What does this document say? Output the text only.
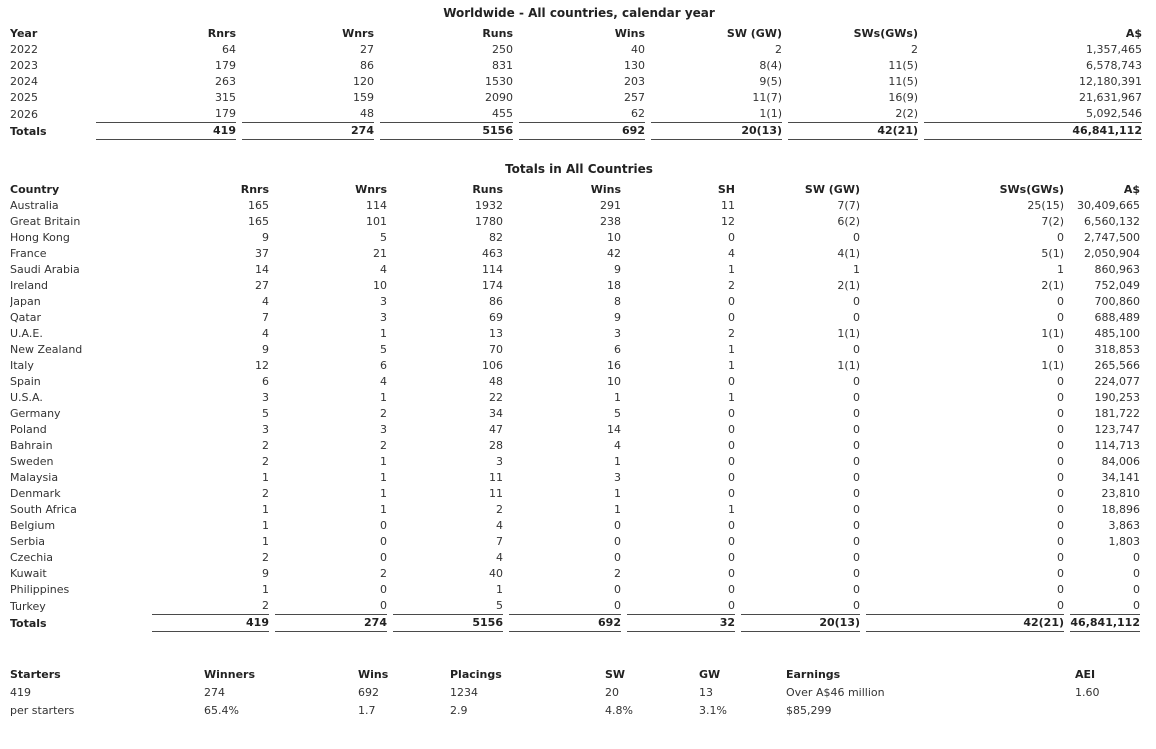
Worldwide - All countries, calendar year
Year	Rnrs	Wnrs	Runs	Wins	SW (GW)	SWs(GWs)	A$
2022	64	27	250	40	2	2	1,357,465
2023	179	86	831	130	8(4)	11(5)	6,578,743
2024	263	120	1530	203	9(5)	11(5)	12,180,391
2025	315	159	2090	257	11(7)	16(9)	21,631,967
2026	179	48	455	62	1(1)	2(2)	5,092,546
Totals	419	274	5156	692	20(13)	42(21)	46,841,112
Totals in All Countries
Country	Rnrs	Wnrs	Runs	Wins	SH	SW (GW)	SWs(GWs)	A$
Australia	165	114	1932	291	11	7(7)	25(15)	30,409,665
Great Britain	165	101	1780	238	12	6(2)	7(2)	6,560,132
Hong Kong	9	5	82	10	0	0	0	2,747,500
France	37	21	463	42	4	4(1)	5(1)	2,050,904
Saudi Arabia	14	4	114	9	1	1	1	860,963
Ireland	27	10	174	18	2	2(1)	2(1)	752,049
Japan	4	3	86	8	0	0	0	700,860
Qatar	7	3	69	9	0	0	0	688,489
U.A.E.	4	1	13	3	2	1(1)	1(1)	485,100
New Zealand	9	5	70	6	1	0	0	318,853
Italy	12	6	106	16	1	1(1)	1(1)	265,566
Spain	6	4	48	10	0	0	0	224,077
U.S.A.	3	1	22	1	1	0	0	190,253
Germany	5	2	34	5	0	0	0	181,722
Poland	3	3	47	14	0	0	0	123,747
Bahrain	2	2	28	4	0	0	0	114,713
Sweden	2	1	3	1	0	0	0	84,006
Malaysia	1	1	11	3	0	0	0	34,141
Denmark	2	1	11	1	0	0	0	23,810
South Africa	1	1	2	1	1	0	0	18,896
Belgium	1	0	4	0	0	0	0	3,863
Serbia	1	0	7	0	0	0	0	1,803
Czechia	2	0	4	0	0	0	0	0
Kuwait	9	2	40	2	0	0	0	0
Philippines	1	0	1	0	0	0	0	0
Turkey	2	0	5	0	0	0	0	0
Totals	419	274	5156	692	32	20(13)	42(21)	46,841,112
Starters	Winners	Wins	Placings	SW	GW	Earnings	AEI
419	274	692	1234	20	13	Over A$46 million	1.60
per starters	65.4%	1.7	2.9	4.8%	3.1%	$85,299	
